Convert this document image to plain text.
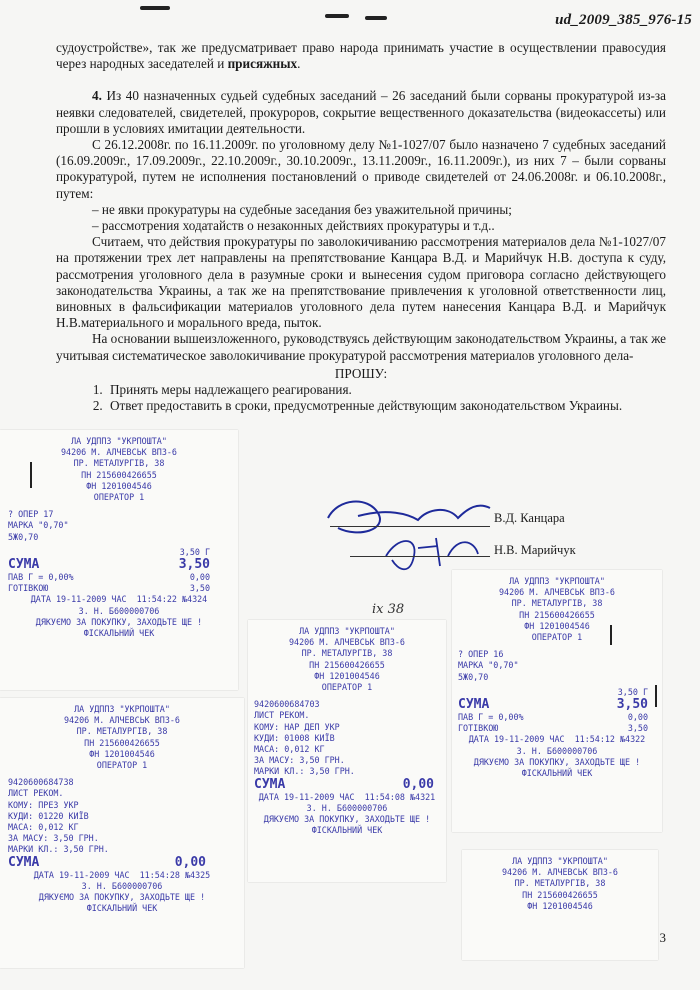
ud_2009_385_976-15

судоустройстве», так же предусматривает право народа принимать участие в осуществлении правосудия через народных заседателей и присяжных.

4. Из 40 назначенных судьей судебных заседаний – 26 заседаний были сорваны прокуратурой из-за неявки следователей, свидетелей, прокуроров, сокрытие вещественного доказательства (видеокассеты) или прошли в условиях имитации деятельности.

С 26.12.2008г. по 16.11.2009г. по уголовному делу №1-1027/07 было назначено 7 судебных заседаний (16.09.2009г., 17.09.2009г., 22.10.2009г., 30.10.2009г., 13.11.2009г., 16.11.2009г.), из них 7 – были сорваны прокуратурой, путем не исполнения постановлений о приводе свидетелей от 24.06.2008г. и 06.10.2008г., путем:

– не явки прокуратуры на судебные заседания без уважительной причины;

– рассмотрения ходатайств о незаконных действиях прокуратуры и т.д..

Считаем, что действия прокуратуры по заволокичиванию рассмотрения материалов дела №1-1027/07 на протяжении трех лет направлены на препятствование Канцара В.Д. и Марийчук Н.В. доступа к суду, рассмотрения уголовного дела в разумные сроки и вынесения судом приговора согласно действующего законодательства Украины, а так же на препятствование привлечения к уголовной ответственности лиц, виновных в фальсификации материалов уголовного дела путем нанесения Канцара В.Д. и Марийчук Н.В.материального и морального вреда, пыток.

На основании вышеизложенного, руководствуясь действующим законодательством Украины, а так же учитывая систематическое заволокичивание прокуратурой рассмотрения материалов уголовного дела-

ПРОШУ:

1. Принять меры надлежащего реагирования.
2. Ответ предоставить в сроки, предусмотренные действующим законодательством Украины.
ЛА УДППЗ "УКРПОШТА"
94206 М. АЛЧЕВСЬК ВПЗ-6
ПР. МЕТАЛУРГІВ, 38
ПН 215600426655
ФН 1201004546
ОПЕРАТОР 1
? ОПЕР 17
МАРКА "0,70"
5Ж0,70
3,50 Г
СУМА	3,50
ПАВ Г = 0,00%	0,00
ГОТІВКОЮ	3,50
ДАТА 19-11-2009 ЧАС  11:54:22 №4324
3. Н. Б600000706
ДЯКУЄМО ЗА ПОКУПКУ, ЗАХОДЬТЕ ЩЕ !
ФІСКАЛЬНИЙ ЧЕК
ЛА УДППЗ "УКРПОШТА"
94206 М. АЛЧЕВСЬК ВПЗ-6
ПР. МЕТАЛУРГІВ, 38
ПН 215600426655
ФН 1201004546
ОПЕРАТОР 1
? ОПЕР 16
МАРКА "0,70"
5Ж0,70
3,50 Г
СУМА	3,50
ПАВ Г = 0,00%	0,00
ГОТІВКОЮ	3,50
ДАТА 19-11-2009 ЧАС  11:54:12 №4322
3. Н. Б600000706
ДЯКУЄМО ЗА ПОКУПКУ, ЗАХОДЬТЕ ЩЕ !
ФІСКАЛЬНИЙ ЧЕК
ЛА УДППЗ "УКРПОШТА"
94206 М. АЛЧЕВСЬК ВПЗ-6
ПР. МЕТАЛУРГІВ, 38
ПН 215600426655
ФН 1201004546
ОПЕРАТОР 1
9420600684703
ЛИСТ РЕКОМ.
КОМУ: НАР ДЕП УКР
КУДИ: 01008 КИЇВ
МАСА: 0,012 КГ
ЗА МАСУ: 3,50 ГРН.
МАРКИ КЛ.: 3,50 ГРН.
СУМА	0,00
ДАТА 19-11-2009 ЧАС  11:54:08 №4321
3. Н. Б600000706
ДЯКУЄМО ЗА ПОКУПКУ, ЗАХОДЬТЕ ЩЕ !
ФІСКАЛЬНИЙ ЧЕК
ЛА УДППЗ "УКРПОШТА"
94206 М. АЛЧЕВСЬК ВПЗ-6
ПР. МЕТАЛУРГІВ, 38
ПН 215600426655
ФН 1201004546
ОПЕРАТОР 1
9420600684738
ЛИСТ РЕКОМ.
КОМУ: ПРЕЗ УКР
КУДИ: 01220 КИЇВ
МАСА: 0,012 КГ
ЗА МАСУ: 3,50 ГРН.
МАРКИ КЛ.: 3,50 ГРН.
СУМА	0,00
ДАТА 19-11-2009 ЧАС  11:54:28 №4325
3. Н. Б600000706
ДЯКУЄМО ЗА ПОКУПКУ, ЗАХОДЬТЕ ЩЕ !
ФІСКАЛЬНИЙ ЧЕК
ЛА УДППЗ "УКРПОШТА"
94206 М. АЛЧЕВСЬК ВПЗ-6
ПР. МЕТАЛУРГІВ, 38
ПН 215600426655
ФН 1201004546
В.Д. Канцара
Н.В. Марийчук
іх 38
3
